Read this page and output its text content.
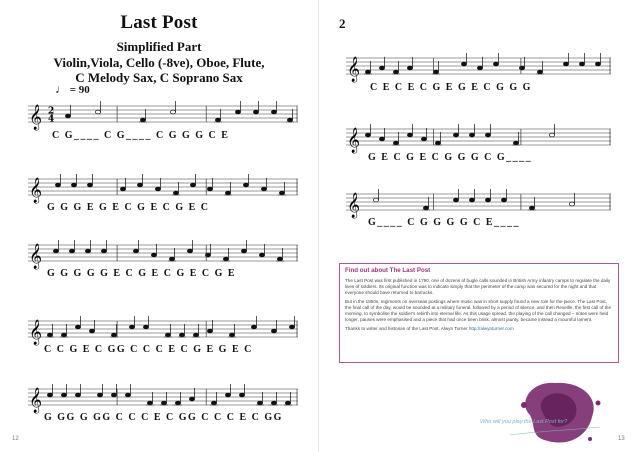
Last Post
Simplified Part
Violin,Viola, Cello (-8ve), Oboe, Flute,
C Melody Sax, C Soprano Sax
♩ = 90
𝄞 2
4
C G____ C G____ C G G G C E
𝄞
G G G E G E C G E C G E C
𝄞
G G G G G E C G E C G E C G E
𝄞
C C G E C GG C C C E C G E G E C
𝄞
G GG G GG C C C E C GG C C C E C GG
2
𝄞
C E C E C G E G E C G G G
𝄞
G E C G E C G G G C G____
𝄞
G____ C G G G G C E____
Find out about The Last Post

The Last Post was first published in 1790, one of dozens of bugle calls sounded in British Army infantry camps to regulate the daily lives of soldiers. Its original function was to indicate simply that the perimeter of the camp was secured for the night and that everyone should have returned to barracks.

But in the 1850s, regiments on overseas postings where music was in short supply found a new role for the piece. The Last Post, the final call of the day, would be sounded at a military funeral, followed by a period of silence, and then Reveille, the first call of the morning, to symbolise the soldier's rebirth into eternal life. As this usage spread, the playing of the call changed – notes were held longer, pauses were emphasised and a piece that had once been brisk, almost jaunty, became instead a mournful lament.

Thanks to writer and historian of the Last Post, Alwyn Turner http://alwynturner.com

Who will you play the Last Post for?
12	13
